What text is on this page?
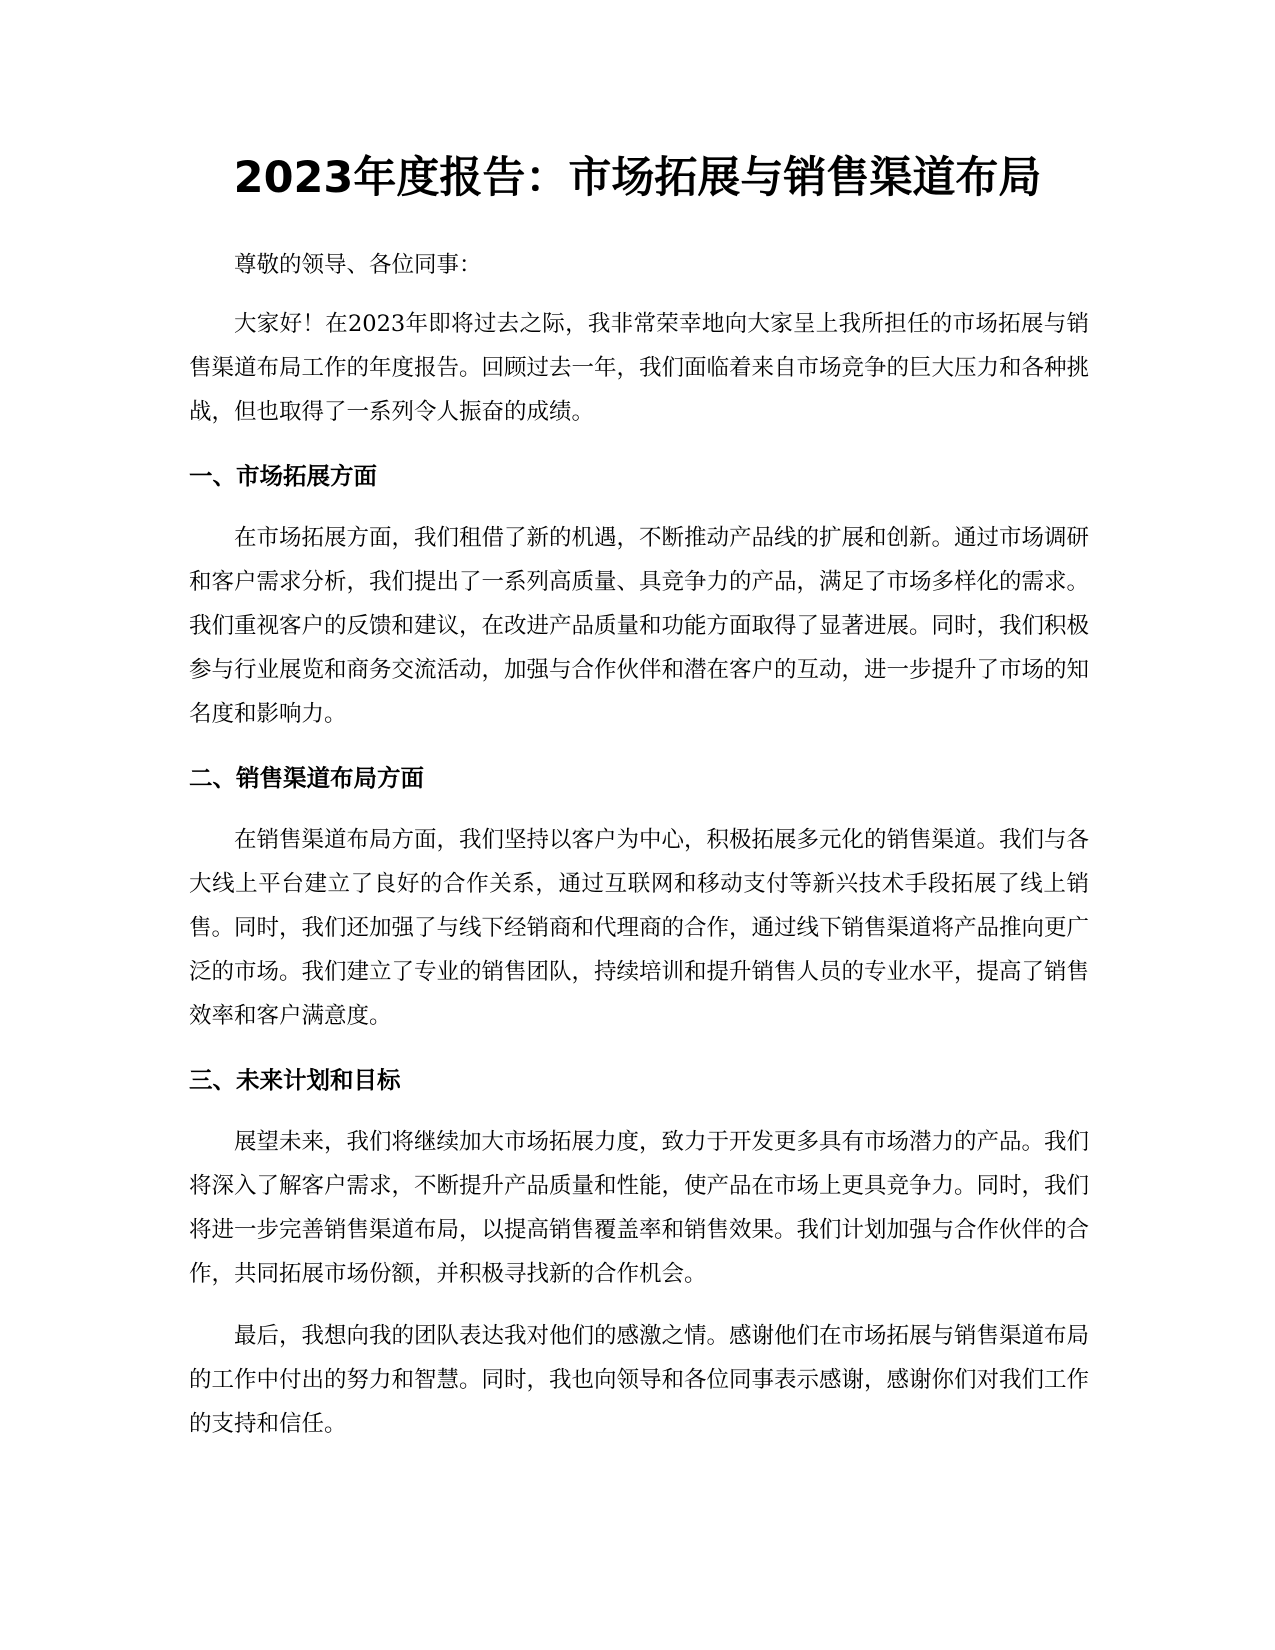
2023年度报告：市场拓展与销售渠道布局

尊敬的领导、各位同事：

大家好！在2023年即将过去之际，我非常荣幸地向大家呈上我所担任的市场拓展与销售渠道布局工作的年度报告。回顾过去一年，我们面临着来自市场竞争的巨大压力和各种挑战，但也取得了一系列令人振奋的成绩。

一、市场拓展方面

在市场拓展方面，我们租借了新的机遇，不断推动产品线的扩展和创新。通过市场调研和客户需求分析，我们提出了一系列高质量、具竞争力的产品，满足了市场多样化的需求。我们重视客户的反馈和建议，在改进产品质量和功能方面取得了显著进展。同时，我们积极参与行业展览和商务交流活动，加强与合作伙伴和潜在客户的互动，进一步提升了市场的知名度和影响力。

二、销售渠道布局方面

在销售渠道布局方面，我们坚持以客户为中心，积极拓展多元化的销售渠道。我们与各大线上平台建立了良好的合作关系，通过互联网和移动支付等新兴技术手段拓展了线上销售。同时，我们还加强了与线下经销商和代理商的合作，通过线下销售渠道将产品推向更广泛的市场。我们建立了专业的销售团队，持续培训和提升销售人员的专业水平，提高了销售效率和客户满意度。

三、未来计划和目标

展望未来，我们将继续加大市场拓展力度，致力于开发更多具有市场潜力的产品。我们将深入了解客户需求，不断提升产品质量和性能，使产品在市场上更具竞争力。同时，我们将进一步完善销售渠道布局，以提高销售覆盖率和销售效果。我们计划加强与合作伙伴的合作，共同拓展市场份额，并积极寻找新的合作机会。

最后，我想向我的团队表达我对他们的感激之情。感谢他们在市场拓展与销售渠道布局的工作中付出的努力和智慧。同时，我也向领导和各位同事表示感谢，感谢你们对我们工作的支持和信任。
